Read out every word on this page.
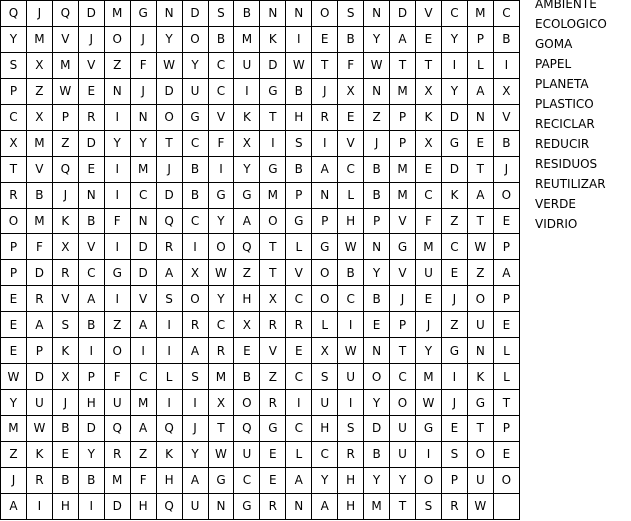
Q	J	Q	D	M	G	N	D	S	B	N	N	O	S	N	D	V	C	M	C
Y	M	V	J	O	J	Y	O	B	M	K	I	E	B	Y	A	E	Y	P	B
S	X	M	V	Z	F	W	Y	C	U	D	W	T	F	W	T	T	I	L	I
P	Z	W	E	N	J	D	U	C	I	G	B	J	X	N	M	X	Y	A	X
C	X	P	R	I	N	O	G	V	K	T	H	R	E	Z	P	K	D	N	V
X	M	Z	D	Y	Y	T	C	F	X	I	S	I	V	J	P	X	G	E	B
T	V	Q	E	I	M	J	B	I	Y	G	B	A	C	B	M	E	D	T	J
R	B	J	N	I	C	D	B	G	G	M	P	N	L	B	M	C	K	A	O
O	M	K	B	F	N	Q	C	Y	A	O	G	P	H	P	V	F	Z	T	E
P	F	X	V	I	D	R	I	O	Q	T	L	G	W	N	G	M	C	W	P
P	D	R	C	G	D	A	X	W	Z	T	V	O	B	Y	V	U	E	Z	A
E	R	V	A	I	V	S	O	Y	H	X	C	O	C	B	J	E	J	O	P
E	A	S	B	Z	A	I	R	C	X	R	R	L	I	E	P	J	Z	U	E
E	P	K	I	O	I	I	A	R	E	V	E	X	W	N	T	Y	G	N	L
W	D	X	P	F	C	L	S	M	B	Z	C	S	U	O	C	M	I	K	L
Y	U	J	H	U	M	I	I	X	O	R	I	U	I	Y	O	W	J	G	T
M	W	B	D	Q	A	Q	J	T	Q	G	C	H	S	D	U	G	E	T	P
Z	K	E	Y	R	Z	K	Y	W	U	E	L	C	R	B	U	I	S	O	E
J	R	B	B	M	F	H	A	G	C	E	A	Y	H	Y	Y	O	P	U	O
A	I	H	I	D	H	Q	U	N	G	R	N	A	H	M	T	S	R	W	
AMBIENTE
ECOLOGICO
GOMA
PAPEL
PLANETA
PLASTICO
RECICLAR
REDUCIR
RESIDUOS
REUTILIZAR
VERDE
VIDRIO
